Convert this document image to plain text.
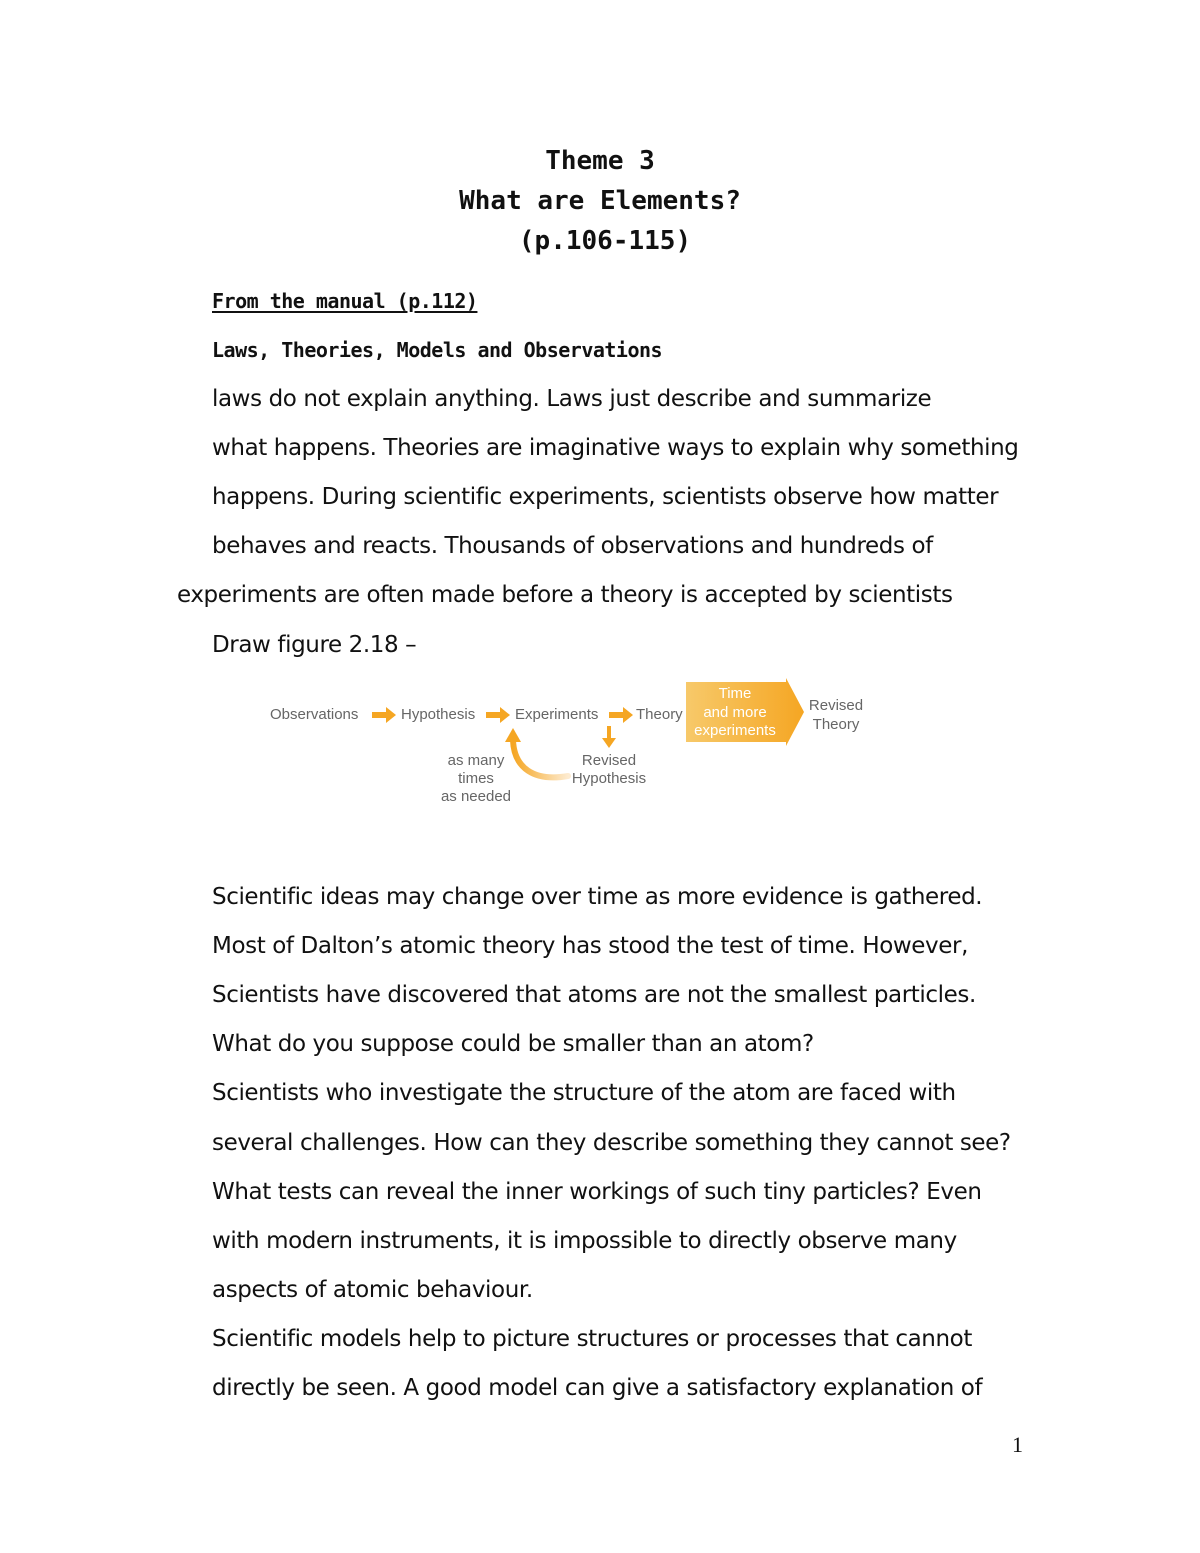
Theme 3
What are Elements?
(p.106-115)
From the manual (p.112)
Laws, Theories, Models and Observations
laws do not explain anything. Laws just describe and summarize
what happens. Theories are imaginative ways to explain why something
happens. During scientific experiments, scientists observe how matter
behaves and reacts. Thousands of observations and hundreds of
experiments are often made before a theory is accepted by scientists
Draw figure 2.18 –
Observations	Hypothesis	Experiments	Theory
Time
and more
experiments
Revised
Theory
Revised
Hypothesis
as many
times
as needed
Scientific ideas may change over time as more evidence is gathered.
Most of Dalton’s atomic theory has stood the test of time. However,
Scientists have discovered that atoms are not the smallest particles.
What do you suppose could be smaller than an atom?
Scientists who investigate the structure of the atom are faced with
several challenges. How can they describe something they cannot see?
What tests can reveal the inner workings of such tiny particles? Even
with modern instruments, it is impossible to directly observe many
aspects of atomic behaviour.
Scientific models help to picture structures or processes that cannot
directly be seen. A good model can give a satisfactory explanation of
1
